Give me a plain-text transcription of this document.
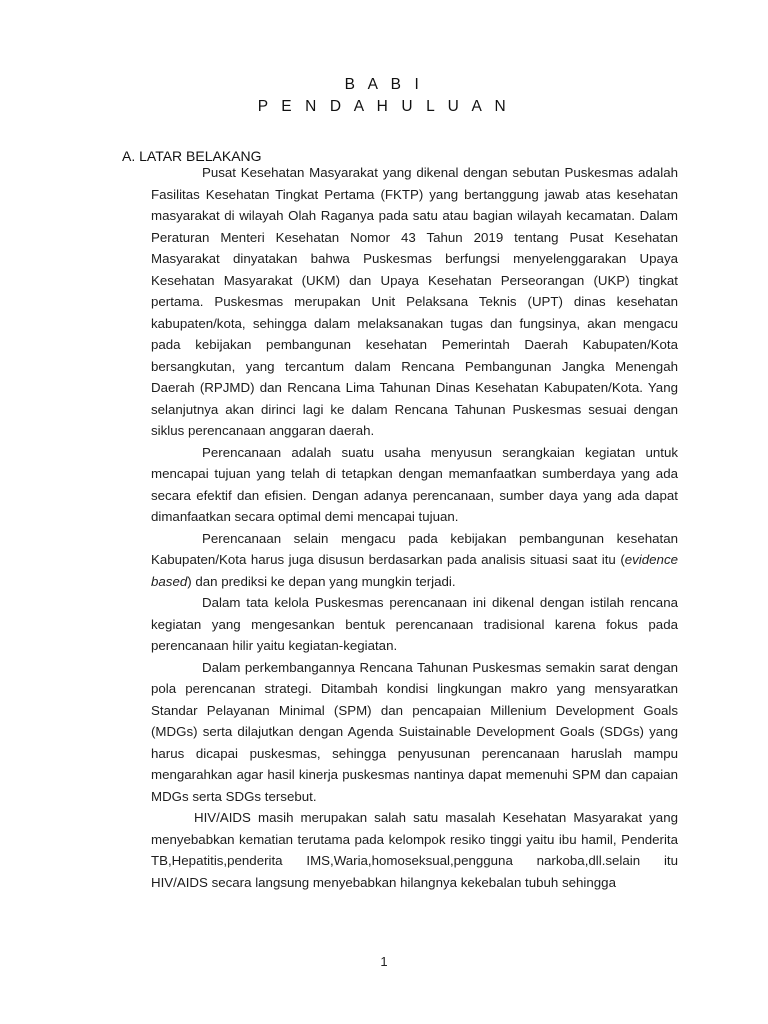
B A B I
P E N D A H U L U A N
A. LATAR BELAKANG

Pusat Kesehatan Masyarakat yang dikenal dengan sebutan Puskesmas adalah Fasilitas Kesehatan Tingkat Pertama (FKTP) yang bertanggung jawab atas kesehatan masyarakat di wilayah Olah Raganya pada satu atau bagian wilayah kecamatan. Dalam Peraturan Menteri Kesehatan Nomor 43 Tahun 2019 tentang Pusat Kesehatan Masyarakat dinyatakan bahwa Puskesmas berfungsi menyelenggarakan Upaya Kesehatan Masyarakat (UKM) dan Upaya Kesehatan Perseorangan (UKP) tingkat pertama. Puskesmas merupakan Unit Pelaksana Teknis (UPT) dinas kesehatan kabupaten/kota, sehingga dalam melaksanakan tugas dan fungsinya, akan mengacu pada kebijakan pembangunan kesehatan Pemerintah Daerah Kabupaten/Kota bersangkutan, yang tercantum dalam Rencana Pembangunan Jangka Menengah Daerah (RPJMD) dan Rencana Lima Tahunan Dinas Kesehatan Kabupaten/Kota. Yang selanjutnya akan dirinci lagi ke dalam Rencana Tahunan Puskesmas sesuai dengan siklus perencanaan anggaran daerah.

Perencanaan adalah suatu usaha menyusun serangkaian kegiatan untuk mencapai tujuan yang telah di tetapkan dengan memanfaatkan sumberdaya yang ada secara efektif dan efisien. Dengan adanya perencanaan, sumber daya yang ada dapat dimanfaatkan secara optimal demi mencapai tujuan.

Perencanaan selain mengacu pada kebijakan pembangunan kesehatan Kabupaten/Kota harus juga disusun berdasarkan pada analisis situasi saat itu (evidence based) dan prediksi ke depan yang mungkin terjadi.

Dalam tata kelola Puskesmas perencanaan ini dikenal dengan istilah rencana kegiatan yang mengesankan bentuk perencanaan tradisional karena fokus pada perencanaan hilir yaitu kegiatan-kegiatan.

Dalam perkembangannya Rencana Tahunan Puskesmas semakin sarat dengan pola perencanan strategi. Ditambah kondisi lingkungan makro yang mensyaratkan Standar Pelayanan Minimal (SPM) dan pencapaian Millenium Development Goals (MDGs) serta dilajutkan dengan Agenda Suistainable Development Goals (SDGs) yang harus dicapai puskesmas, sehingga penyusunan perencanaan haruslah mampu mengarahkan agar hasil kinerja puskesmas nantinya dapat memenuhi SPM dan capaian MDGs serta SDGs tersebut.

HIV/AIDS masih merupakan salah satu masalah Kesehatan Masyarakat yang menyebabkan kematian terutama pada kelompok resiko tinggi yaitu ibu hamil, Penderita TB,Hepatitis,penderita IMS,Waria,homoseksual,pengguna narkoba,dll.selain itu HIV/AIDS secara langsung menyebabkan hilangnya kekebalan tubuh sehingga

1
